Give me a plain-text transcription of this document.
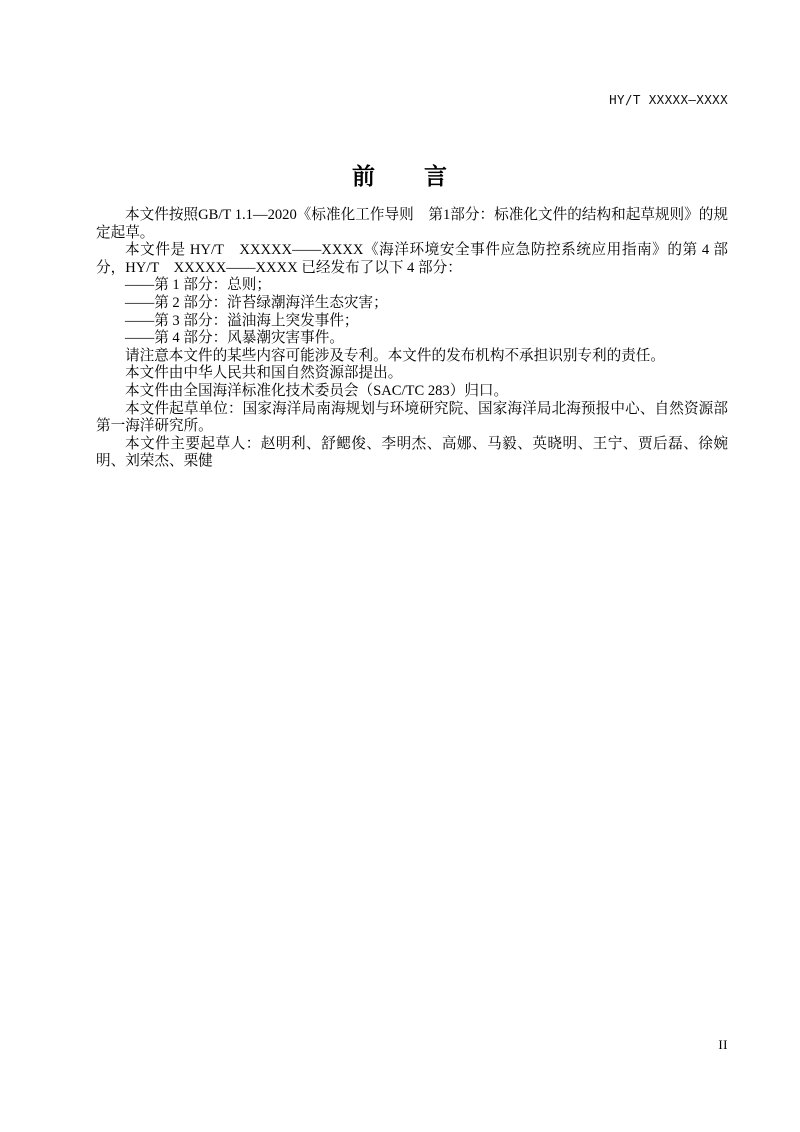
HY/T XXXXX—XXXX
前　　言

本文件按照GB/T 1.1—2020《标准化工作导则　第1部分：标准化文件的结构和起草规则》的规定起草。

本文件是 HY/T　XXXXX——XXXX《海洋环境安全事件应急防控系统应用指南》的第 4 部分，HY/T　XXXXX——XXXX 已经发布了以下 4 部分：

——第 1 部分：总则；

——第 2 部分：浒苔绿潮海洋生态灾害；

——第 3 部分：溢油海上突发事件；

——第 4 部分：风暴潮灾害事件。

请注意本文件的某些内容可能涉及专利。本文件的发布机构不承担识别专利的责任。

本文件由中华人民共和国自然资源部提出。

本文件由全国海洋标准化技术委员会（SAC/TC 283）归口。

本文件起草单位：国家海洋局南海规划与环境研究院、国家海洋局北海预报中心、自然资源部第一海洋研究所。

本文件主要起草人：赵明利、舒鳃俊、李明杰、高娜、马毅、英晓明、王宁、贾后磊、徐婉明、刘荣杰、栗健

II
